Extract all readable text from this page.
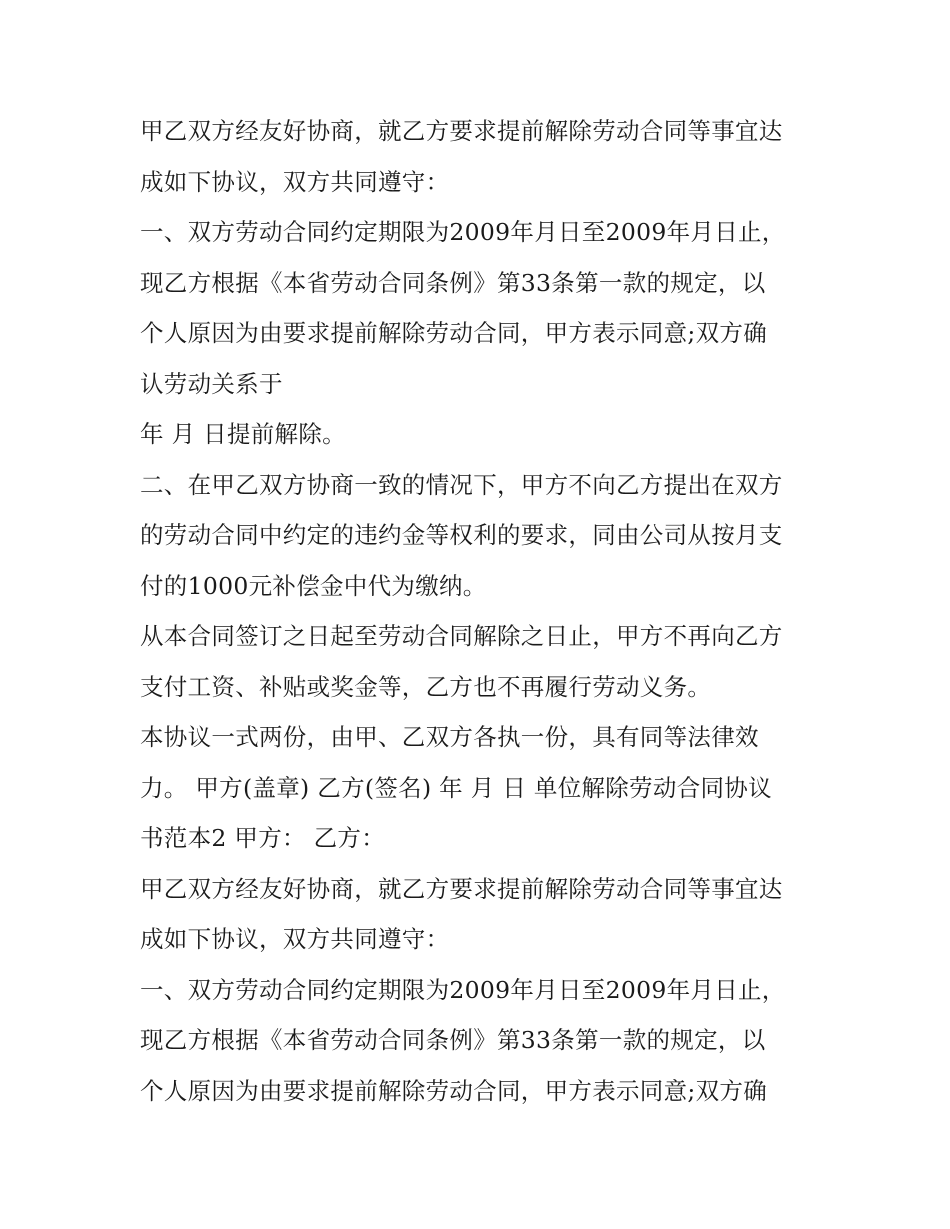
甲乙双方经友好协商，就乙方要求提前解除劳动合同等事宜达
成如下协议，双方共同遵守：
一、双方劳动合同约定期限为2009年月日至2009年月日止，
现乙方根据《本省劳动合同条例》第33条第一款的规定，以
个人原因为由要求提前解除劳动合同，甲方表示同意;双方确
认劳动关系于
年 月 日提前解除。
二、在甲乙双方协商一致的情况下，甲方不向乙方提出在双方
的劳动合同中约定的违约金等权利的要求，同由公司从按月支
付的1000元补偿金中代为缴纳。
从本合同签订之日起至劳动合同解除之日止，甲方不再向乙方
支付工资、补贴或奖金等，乙方也不再履行劳动义务。
本协议一式两份，由甲、乙双方各执一份，具有同等法律效
力。 甲方(盖章) 乙方(签名) 年 月 日 单位解除劳动合同协议
书范本2 甲方： 乙方：
甲乙双方经友好协商，就乙方要求提前解除劳动合同等事宜达
成如下协议，双方共同遵守：
一、双方劳动合同约定期限为2009年月日至2009年月日止，
现乙方根据《本省劳动合同条例》第33条第一款的规定，以
个人原因为由要求提前解除劳动合同，甲方表示同意;双方确
